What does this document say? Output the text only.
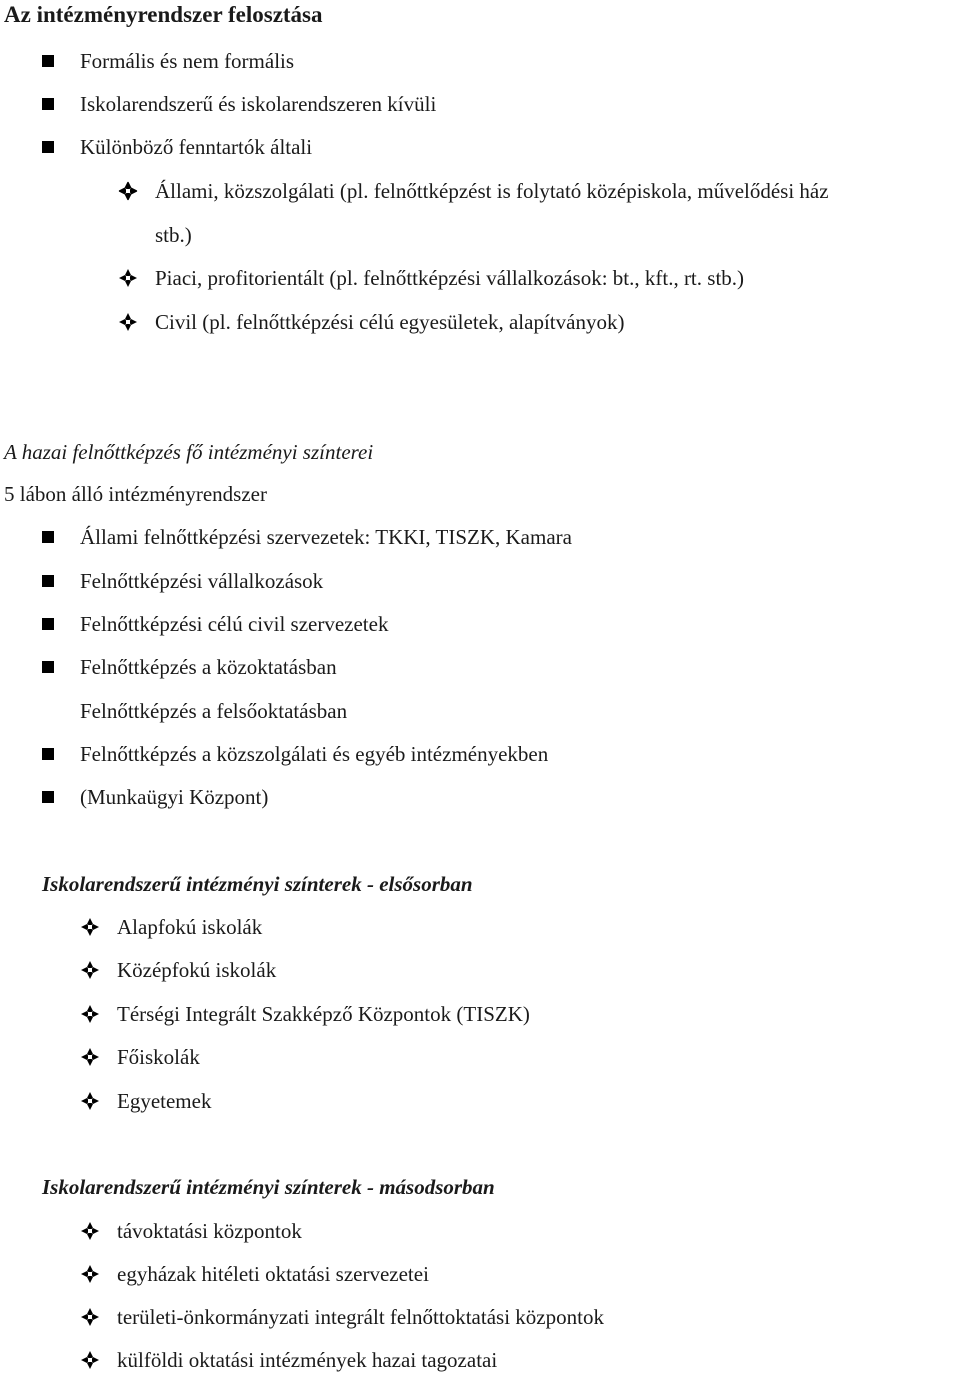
Az intézményrendszer felosztása
Formális és nem formális
Iskolarendszerű és iskolarendszeren kívüli
Különböző fenntartók általi
Állami, közszolgálati (pl. felnőttképzést is folytató középiskola, művelődési ház
stb.)
Piaci, profitorientált (pl. felnőttképzési vállalkozások: bt., kft., rt. stb.)
Civil (pl. felnőttképzési célú egyesületek, alapítványok)
A hazai felnőttképzés fő intézményi színterei
5 lábon álló intézményrendszer
Állami felnőttképzési szervezetek: TKKI, TISZK, Kamara
Felnőttképzési vállalkozások
Felnőttképzési célú civil szervezetek
Felnőttképzés a közoktatásban
Felnőttképzés a felsőoktatásban
Felnőttképzés a közszolgálati és egyéb intézményekben
(Munkaügyi Központ)
Iskolarendszerű intézményi színterek - elsősorban
Alapfokú iskolák
Középfokú iskolák
Térségi Integrált Szakképző Központok (TISZK)
Főiskolák
Egyetemek
Iskolarendszerű intézményi színterek - másodsorban
távoktatási központok
egyházak hitéleti oktatási szervezetei
területi-önkormányzati integrált felnőttoktatási központok
külföldi oktatási intézmények hazai tagozatai
